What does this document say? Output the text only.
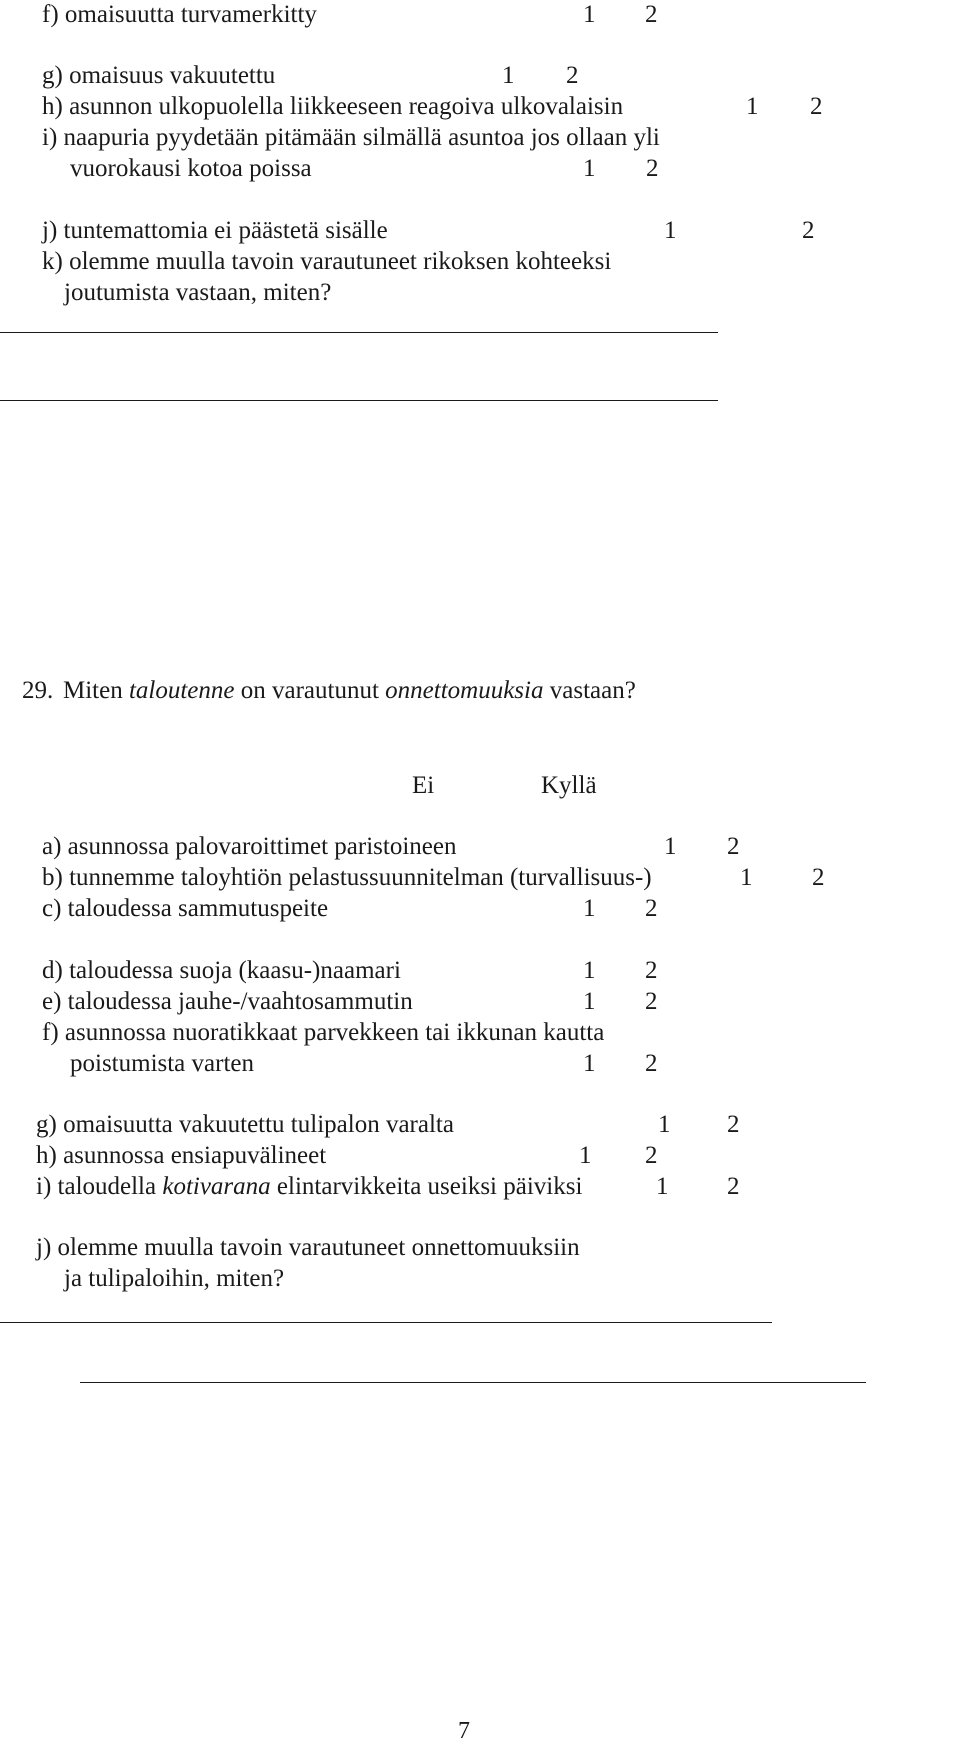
f) omaisuutta turvamerkitty	1 2
g) omaisuus vakuutettu	1 2
h) asunnon ulkopuolella liikkeeseen reagoiva ulkovalaisin	1 2
i) naapuria pyydetään pitämään silmällä asuntoa jos ollaan yli
vuorokausi kotoa poissa	1 2
j) tuntemattomia ei päästetä sisälle	1	2
k) olemme muulla tavoin varautuneet rikoksen kohteeksi
joutumista vastaan, miten?
29. Miten taloutenne on varautunut onnettomuuksia vastaan?
Ei	Kyllä
a) asunnossa palovaroittimet paristoineen	1 2
b) tunnemme taloyhtiön pelastussuunnitelman (turvallisuus-)	1 2
c) taloudessa sammutuspeite	1 2
d) taloudessa suoja (kaasu-)naamari	1 2
e) taloudessa jauhe-/vaahtosammutin	1 2
f) asunnossa nuoratikkaat parvekkeen tai ikkunan kautta
poistumista varten	1 2
g) omaisuutta vakuutettu tulipalon varalta	1 2
h) asunnossa ensiapuvälineet	1 2
i) taloudella kotivarana elintarvikkeita useiksi päiviksi	1 2
j) olemme muulla tavoin varautuneet onnettomuuksiin
ja tulipaloihin, miten?
7
